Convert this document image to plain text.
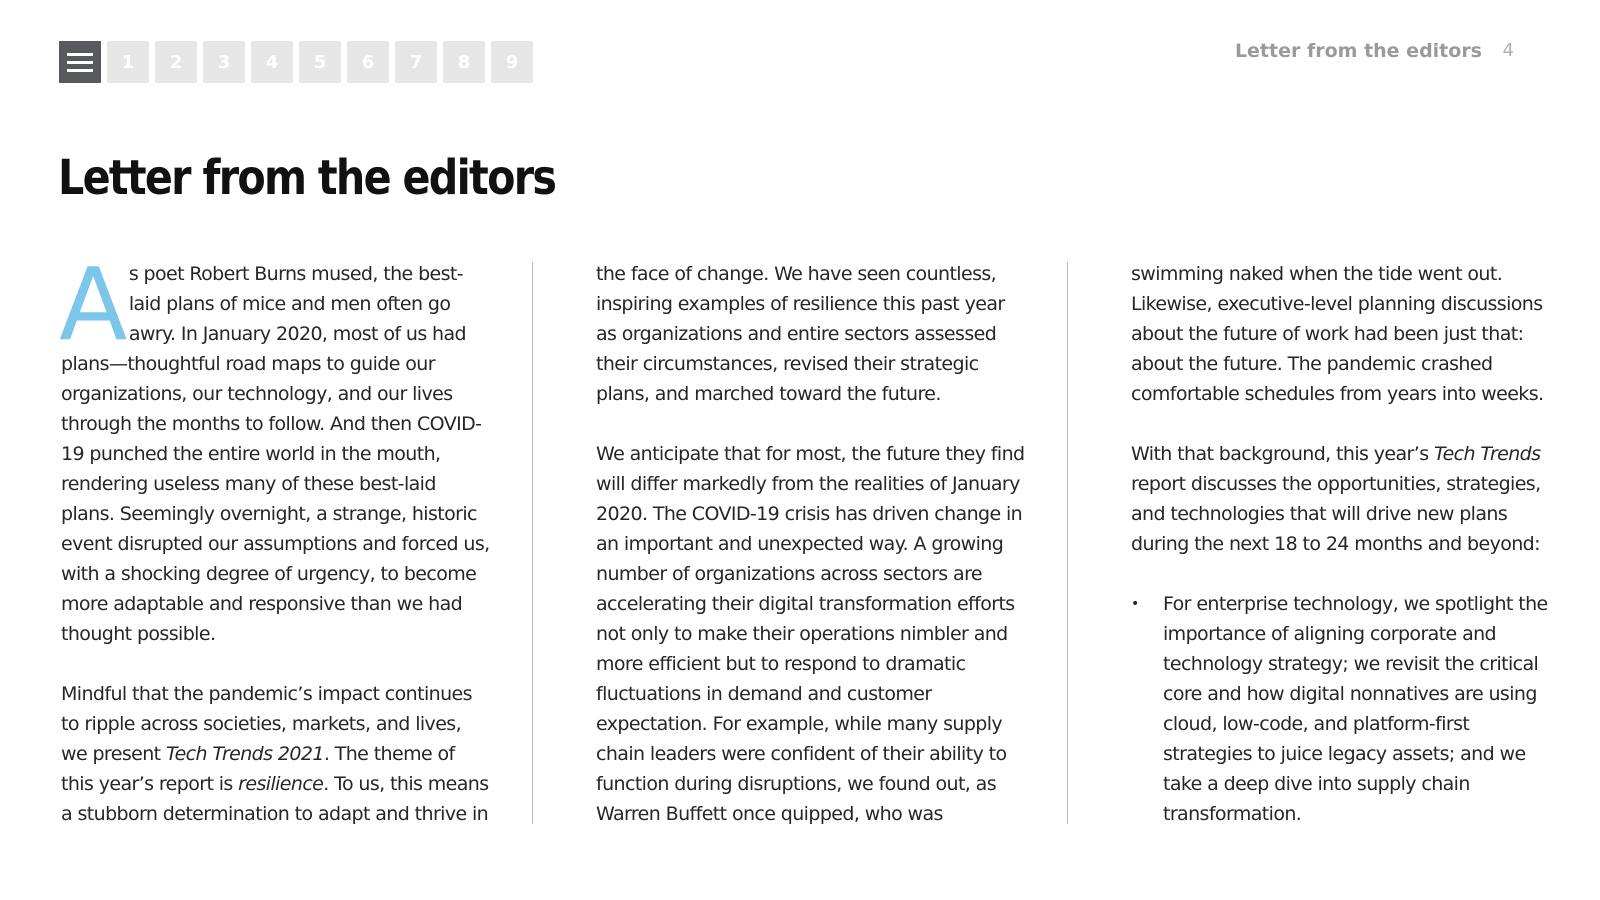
1	2	3	4	5	6	7	8	9	Letter from the editors 4
Letter from the editors

As poet Robert Burns mused, the best-laid plans of mice and men often go awry. In January 2020, most of us had plans—thoughtful road maps to guide our organizations, our technology, and our lives through the months to follow. And then COVID-19 punched the entire world in the mouth, rendering useless many of these best-laid plans. Seemingly overnight, a strange, historic event disrupted our assumptions and forced us, with a shocking degree of urgency, to become more adaptable and responsive than we had thought possible.

Mindful that the pandemic’s impact continues to ripple across societies, markets, and lives, we present Tech Trends 2021. The theme of this year’s report is resilience. To us, this means a stubborn determination to adapt and thrive in

the face of change. We have seen countless, inspiring examples of resilience this past year as organizations and entire sectors assessed their circumstances, revised their strategic plans, and marched toward the future.

We anticipate that for most, the future they find will differ markedly from the realities of January 2020. The COVID-19 crisis has driven change in an important and unexpected way. A growing number of organizations across sectors are accelerating their digital transformation efforts not only to make their operations nimbler and more efficient but to respond to dramatic fluctuations in demand and customer expectation. For example, while many supply chain leaders were confident of their ability to function during disruptions, we found out, as Warren Buffett once quipped, who was

swimming naked when the tide went out. Likewise, executive-level planning discussions about the future of work had been just that: about the future. The pandemic crashed comfortable schedules from years into weeks.

With that background, this year’s Tech Trends report discusses the opportunities, strategies, and technologies that will drive new plans during the next 18 to 24 months and beyond:

• For enterprise technology, we spotlight the importance of aligning corporate and technology strategy; we revisit the critical core and how digital nonnatives are using cloud, low-code, and platform-first strategies to juice legacy assets; and we take a deep dive into supply chain transformation.
